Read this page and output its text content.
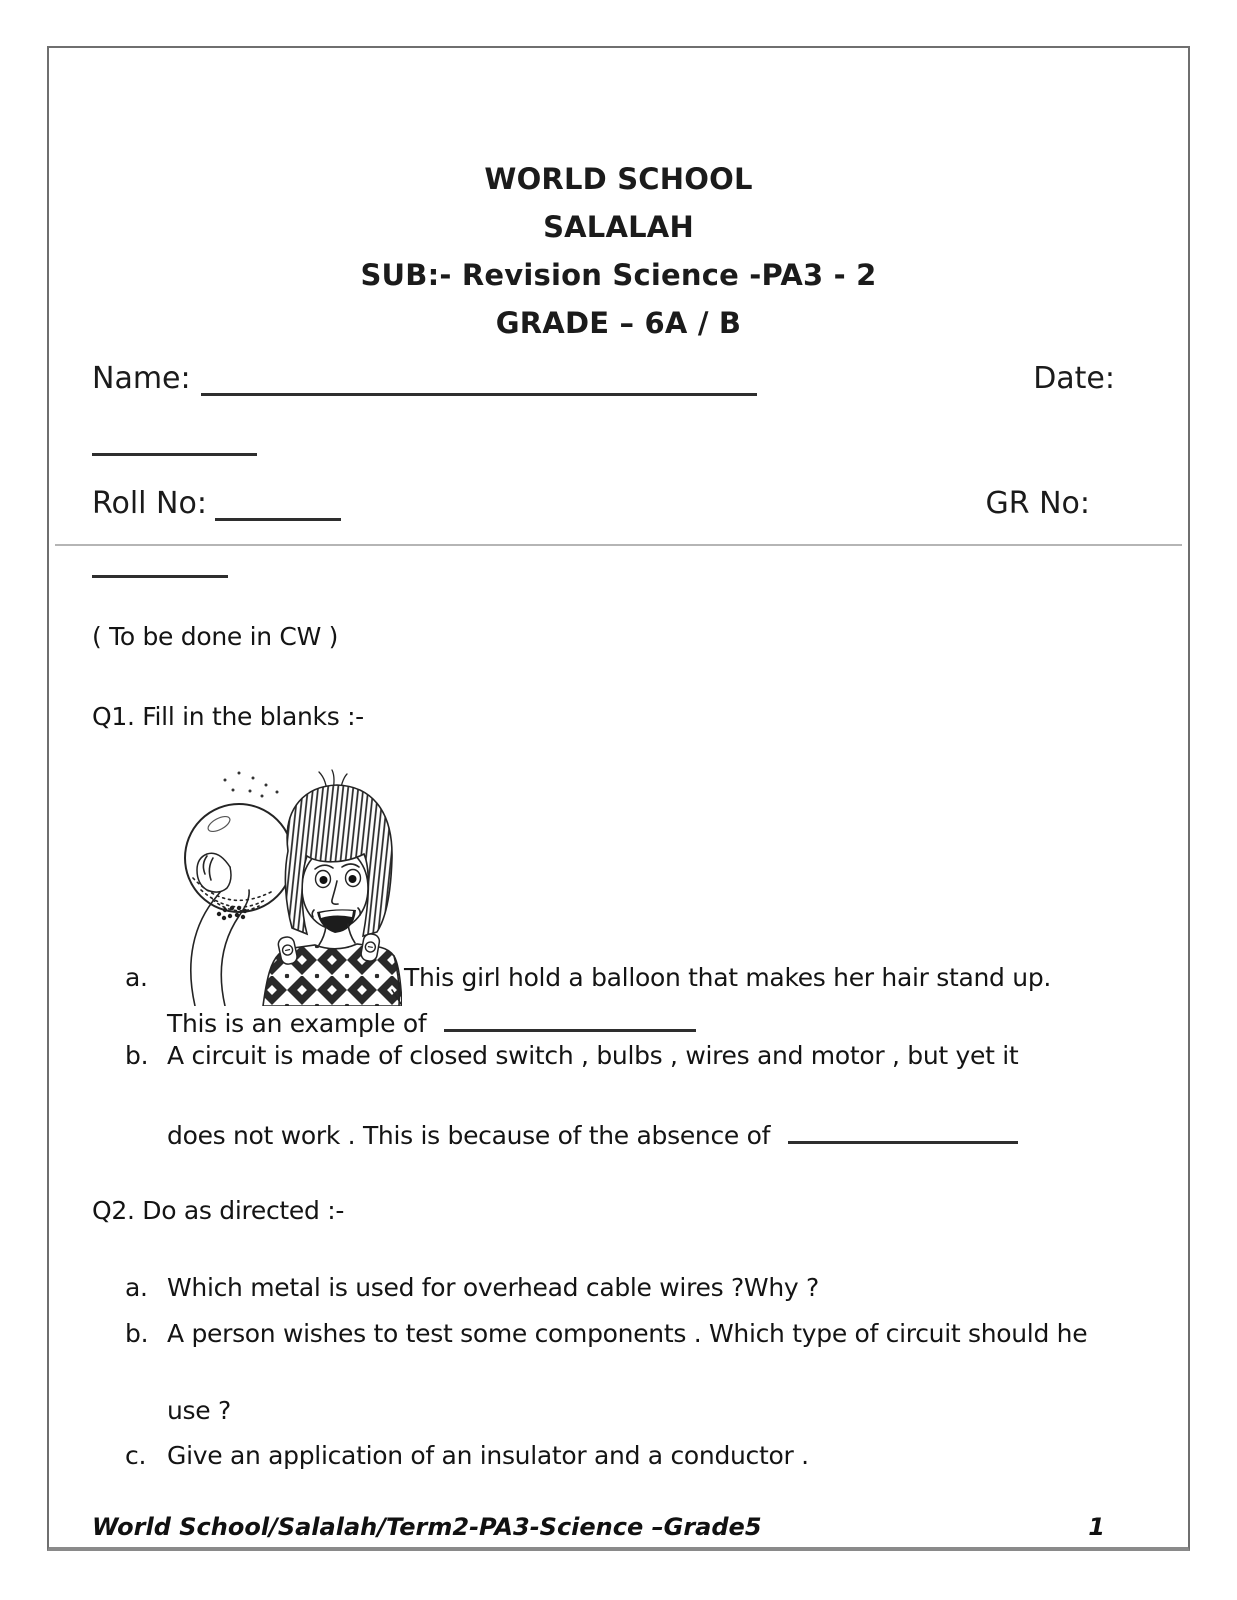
WORLD SCHOOL
SALALAH
SUB:- Revision Science -PA3 - 2
GRADE – 6A / B
Name:	Date:
Roll No:	GR No:
( To be done in CW )
Q1. Fill in the blanks :-
a.	This girl hold a balloon that makes her hair stand up.
This is an example of
b. A circuit is made of closed switch , bulbs , wires and motor , but yet it
does not work . This is because of the absence of
Q2. Do as directed :-
a. Which metal is used for overhead cable wires ?Why ?
b. A person wishes to test some components . Which type of circuit should he
use ?
c. Give an application of an insulator and a conductor .
World School/Salalah/Term2-PA3-Science –Grade5	1
